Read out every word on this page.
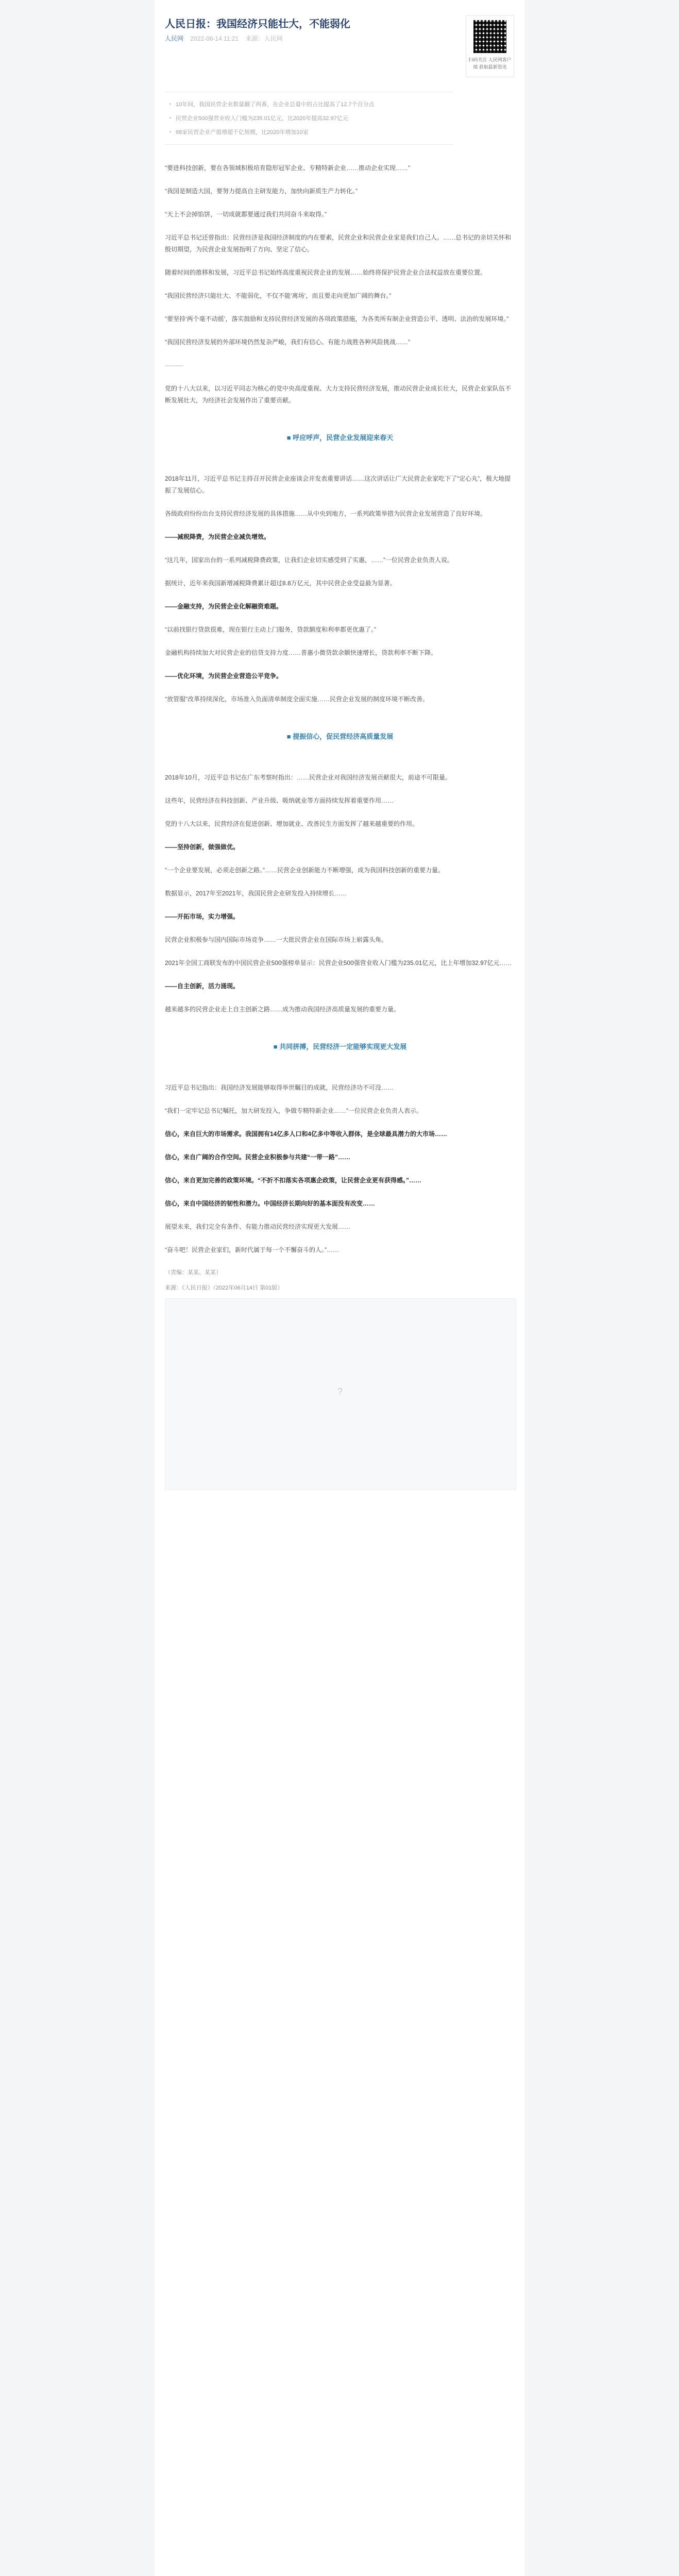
人民日报：我国经济只能壮大，不能弱化
人民网 2022-06-14 11:21 来源：人民网
扫码关注 人民网客户端 获取最新资讯
● 10年间，我国民营企业数量翻了两番，在企业总量中的占比提高了12.7个百分点
● 民营企业500强营业收入门槛为235.01亿元，比2020年提高32.97亿元
● 98家民营企业产值增超千亿规模，比2020年增加10家

“要进科技创新，要在各领域积极培育隐形冠军企业、专精特新企业……推动企业实现……”

“我国是制造大国，要努力提高自主研发能力，加快向新质生产力转化。”

“天上不会掉馅饼，一切成就都要通过我们共同奋斗来取得。”

习近平总书记还曾指出：民营经济是我国经济制度的内在要素，民营企业和民营企业家是我们自己人。……总书记的亲切关怀和殷切期望，为民营企业发展指明了方向、坚定了信心。

随着时间的推移和发展，习近平总书记始终高度重视民营企业的发展……始终将保护民营企业合法权益放在重要位置。

“我国民营经济只能壮大、不能弱化，不仅不能‘离场’，而且要走向更加广阔的舞台。”

“要坚持‘两个毫不动摇’，落实鼓励和支持民营经济发展的各项政策措施，为各类所有制企业营造公平、透明、法治的发展环境。”

“我国民营经济发展的外部环境仍然复杂严峻，我们有信心、有能力战胜各种风险挑战……”

———

党的十八大以来，以习近平同志为核心的党中央高度重视、大力支持民营经济发展，推动民营企业成长壮大，民营企业家队伍不断发展壮大，为经济社会发展作出了重要贡献。

■ 呼应呼声，民营企业发展迎来春天

2018年11月，习近平总书记主持召开民营企业座谈会并发表重要讲话……这次讲话让广大民营企业家吃下了“定心丸”，极大地提振了发展信心。

各级政府纷纷出台支持民营经济发展的具体措施……从中央到地方，一系列政策举措为民营企业发展营造了良好环境。

——减税降费，为民营企业减负增效。

“这几年，国家出台的一系列减税降费政策，让我们企业切实感受到了实惠，……”一位民营企业负责人说。

据统计，近年来我国新增减税降费累计超过8.8万亿元，其中民营企业受益最为显著。

——金融支持，为民营企业化解融资难题。

“以前找银行贷款很难，现在银行主动上门服务，贷款额度和利率都更优惠了。”

金融机构持续加大对民营企业的信贷支持力度……普惠小微贷款余额快速增长，贷款利率不断下降。

——优化环境，为民营企业营造公平竞争。

“放管服”改革持续深化，市场准入负面清单制度全面实施……民营企业发展的制度环境不断改善。

■ 提振信心，促民营经济高质量发展

2018年10月，习近平总书记在广东考察时指出：……民营企业对我国经济发展贡献很大，前途不可限量。

这些年，民营经济在科技创新、产业升级、吸纳就业等方面持续发挥着重要作用……

党的十八大以来，民营经济在促进创新、增加就业、改善民生方面发挥了越来越重要的作用。

——坚持创新，做强做优。

“一个企业要发展，必须走创新之路。”……民营企业创新能力不断增强，成为我国科技创新的重要力量。

数据显示，2017年至2021年，我国民营企业研发投入持续增长……

——开拓市场，实力增强。

民营企业积极参与国内国际市场竞争……一大批民营企业在国际市场上崭露头角。

2021年全国工商联发布的中国民营企业500强榜单显示：民营企业500强营业收入门槛为235.01亿元，比上年增加32.97亿元……

——自主创新，活力涌现。

越来越多的民营企业走上自主创新之路……成为推动我国经济高质量发展的重要力量。

■ 共同拼搏，民营经济一定能够实现更大发展

习近平总书记指出：我国经济发展能够取得举世瞩目的成就，民营经济功不可没……

“我们一定牢记总书记嘱托，加大研发投入，争做专精特新企业……”一位民营企业负责人表示。

信心，来自巨大的市场需求。我国拥有14亿多人口和4亿多中等收入群体，是全球最具潜力的大市场……

信心，来自广阔的合作空间。民营企业积极参与共建“一带一路”……

信心，来自更加完善的政策环境。“不折不扣落实各项惠企政策，让民营企业更有获得感。”……

信心，来自中国经济的韧性和潜力。中国经济长期向好的基本面没有改变……

展望未来，我们完全有条件、有能力推动民营经济实现更大发展……

“奋斗吧！民营企业家们，新时代属于每一个不懈奋斗的人。”……

（责编：某某、某某）
来源：《人民日报》（2022年06月14日 第01版）
?
